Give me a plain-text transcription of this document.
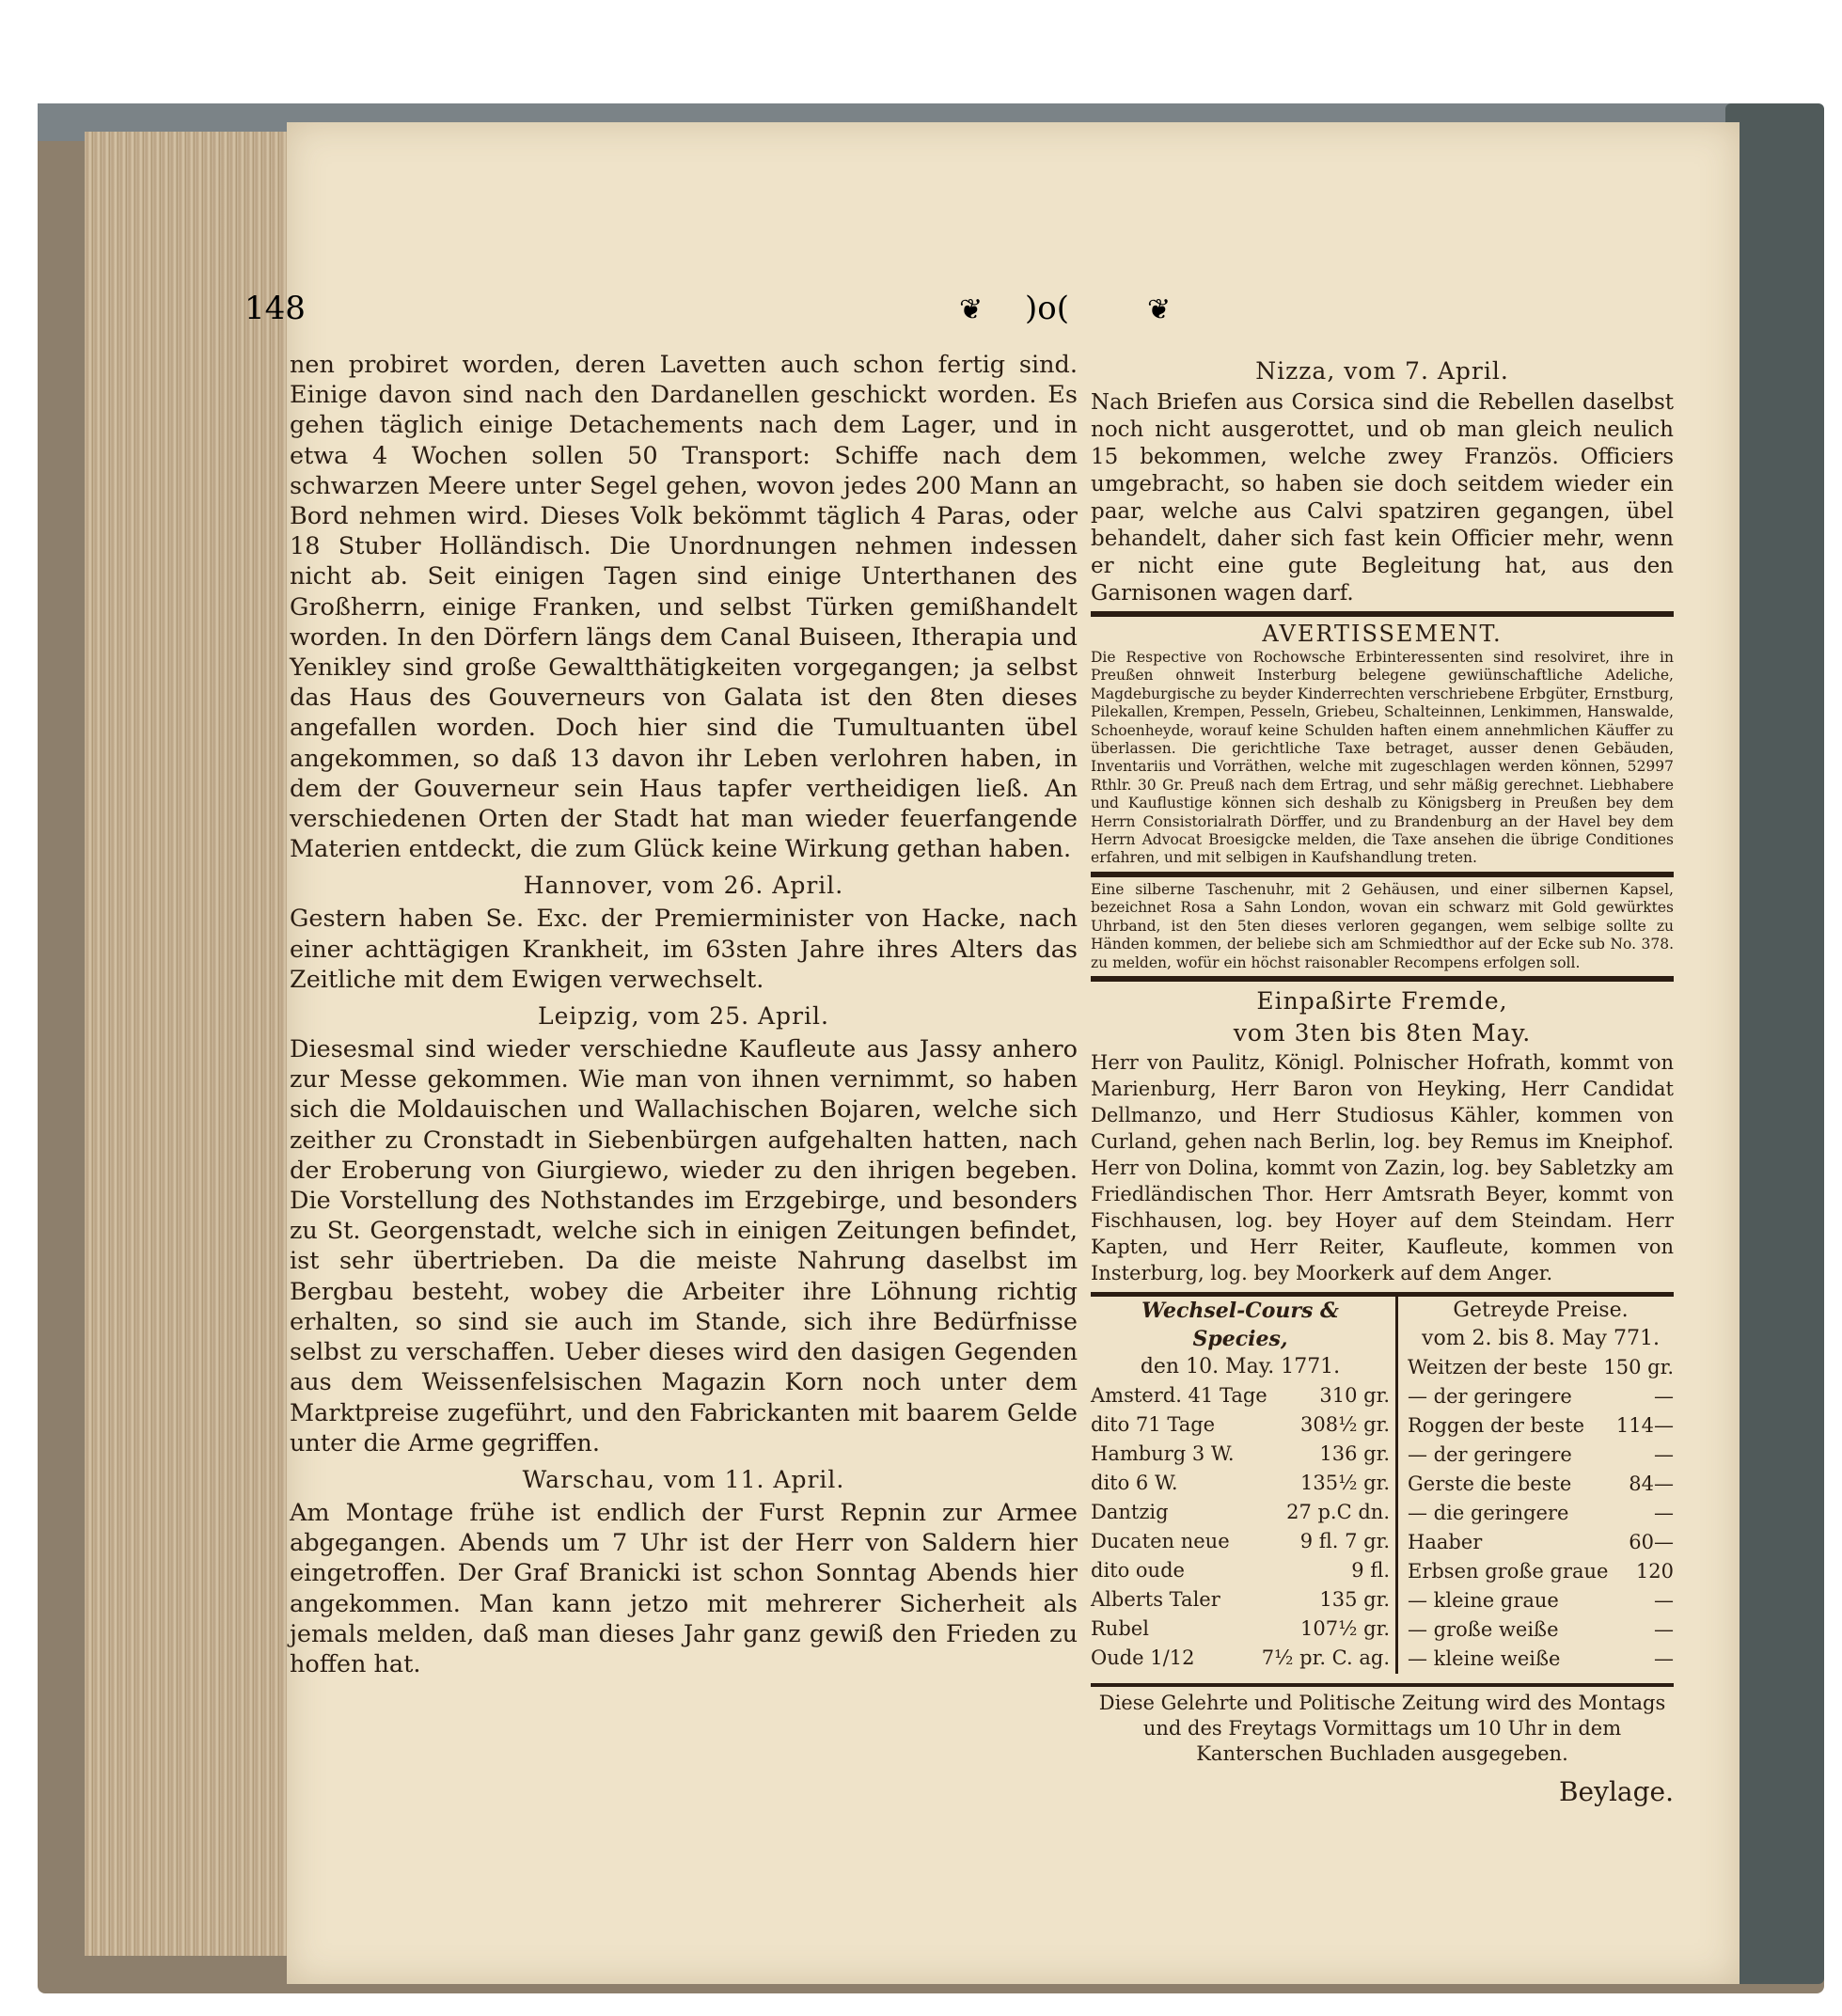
148	❦ )o(	❦

nen probiret worden, deren Lavetten auch schon fertig sind. Einige davon sind nach den Dardanellen geschickt worden. Es gehen täglich einige Detachements nach dem Lager, und in etwa 4 Wochen sollen 50 Transport: Schiffe nach dem schwarzen Meere unter Segel gehen, wovon jedes 200 Mann an Bord nehmen wird. Dieses Volk bekömmt täglich 4 Paras, oder 18 Stuber Holländisch. Die Unordnungen nehmen indessen nicht ab. Seit einigen Tagen sind einige Unterthanen des Großherrn, einige Franken, und selbst Türken gemißhandelt worden. In den Dörfern längs dem Canal Buiseen, Itherapia und Yenikley sind große Gewaltthätigkeiten vorgegangen; ja selbst das Haus des Gouverneurs von Galata ist den 8ten dieses angefallen worden. Doch hier sind die Tumultuanten übel angekommen, so daß 13 davon ihr Leben verlohren haben, in dem der Gouverneur sein Haus tapfer vertheidigen ließ. An verschiedenen Orten der Stadt hat man wieder feuerfangende Materien entdeckt, die zum Glück keine Wirkung gethan haben.

Hannover, vom 26. April.

Gestern haben Se. Exc. der Premierminister von Hacke, nach einer achttägigen Krankheit, im 63sten Jahre ihres Alters das Zeitliche mit dem Ewigen verwechselt.

Leipzig, vom 25. April.

Diesesmal sind wieder verschiedne Kaufleute aus Jassy anhero zur Messe gekommen. Wie man von ihnen vernimmt, so haben sich die Moldauischen und Wallachischen Bojaren, welche sich zeither zu Cronstadt in Siebenbürgen aufgehalten hatten, nach der Eroberung von Giurgiewo, wieder zu den ihrigen begeben. Die Vorstellung des Nothstandes im Erzgebirge, und besonders zu St. Georgenstadt, welche sich in einigen Zeitungen befindet, ist sehr übertrieben. Da die meiste Nahrung daselbst im Bergbau besteht, wobey die Arbeiter ihre Löhnung richtig erhalten, so sind sie auch im Stande, sich ihre Bedürfnisse selbst zu verschaffen. Ueber dieses wird den dasigen Gegenden aus dem Weissenfelsischen Magazin Korn noch unter dem Marktpreise zugeführt, und den Fabrickanten mit baarem Gelde unter die Arme gegriffen.

Warschau, vom 11. April.

Am Montage frühe ist endlich der Furst Repnin zur Armee abgegangen. Abends um 7 Uhr ist der Herr von Saldern hier eingetroffen. Der Graf Branicki ist schon Sonntag Abends hier angekommen. Man kann jetzo mit mehrerer Sicherheit als jemals melden, daß man dieses Jahr ganz gewiß den Frieden zu hoffen hat.

Nizza, vom 7. April.

Nach Briefen aus Corsica sind die Rebellen daselbst noch nicht ausgerottet, und ob man gleich neulich 15 bekommen, welche zwey Französ. Officiers umgebracht, so haben sie doch seitdem wieder ein paar, welche aus Calvi spatziren gegangen, übel behandelt, daher sich fast kein Officier mehr, wenn er nicht eine gute Begleitung hat, aus den Garnisonen wagen darf.

AVERTISSEMENT.

Die Respective von Rochowsche Erbinteressenten sind resolviret, ihre in Preußen ohnweit Insterburg belegene gewiünschaftliche Adeliche, Magdeburgische zu beyder Kinderrechten verschriebene Erbgüter, Ernstburg, Pilekallen, Krempen, Pesseln, Griebeu, Schalteinnen, Lenkimmen, Hanswalde, Schoenheyde, worauf keine Schulden haften einem annehmlichen Käuffer zu überlassen. Die gerichtliche Taxe betraget, ausser denen Gebäuden, Inventariis und Vorräthen, welche mit zugeschlagen werden können, 52997 Rthlr. 30 Gr. Preuß nach dem Ertrag, und sehr mäßig gerechnet. Liebhabere und Kauflustige können sich deshalb zu Königsberg in Preußen bey dem Herrn Consistorialrath Dörffer, und zu Brandenburg an der Havel bey dem Herrn Advocat Broesigcke melden, die Taxe ansehen die übrige Conditiones erfahren, und mit selbigen in Kaufshandlung treten.

Eine silberne Taschenuhr, mit 2 Gehäusen, und einer silbernen Kapsel, bezeichnet Rosa a Sahn London, wovan ein schwarz mit Gold gewürktes Uhrband, ist den 5ten dieses verloren gegangen, wem selbige sollte zu Händen kommen, der beliebe sich am Schmiedthor auf der Ecke sub No. 378. zu melden, wofür ein höchst raisonabler Recompens erfolgen soll.

Einpaßirte Fremde,
vom 3ten bis 8ten May.

Herr von Paulitz, Königl. Polnischer Hofrath, kommt von Marienburg, Herr Baron von Heyking, Herr Candidat Dellmanzo, und Herr Studiosus Kähler, kommen von Curland, gehen nach Berlin, log. bey Remus im Kneiphof. Herr von Dolina, kommt von Zazin, log. bey Sabletzky am Friedländischen Thor. Herr Amtsrath Beyer, kommt von Fischhausen, log. bey Hoyer auf dem Steindam. Herr Kapten, und Herr Reiter, Kaufleute, kommen von Insterburg, log. bey Moorkerk auf dem Anger.

Wechsel-Cours & Species,
den 10. May. 1771.
Amsterd. 41 Tage	310 gr.
dito 71 Tage	308½ gr.
Hamburg 3 W.	136 gr.
dito 6 W.	135½ gr.
Dantzig	27 p.C dn.
Ducaten neue	9 fl. 7 gr.
dito oude	9 fl.
Alberts Taler	135 gr.
Rubel	107½ gr.
Oude 1/12	7½ pr. C. ag.
Getreyde Preise.
vom 2. bis 8. May 771.
Weitzen der beste 150 gr.
— der geringere	—
Roggen der beste 114—
— der geringere	—
Gerste die beste	84—
— die geringere	—
Haaber	60—
Erbsen große graue 120
— kleine graue	—
— große weiße	—
— kleine weiße	—
Diese Gelehrte und Politische Zeitung wird des Montags und des Freytags Vormittags um 10 Uhr in dem Kanterschen Buchladen ausgegeben.
Beylage.
